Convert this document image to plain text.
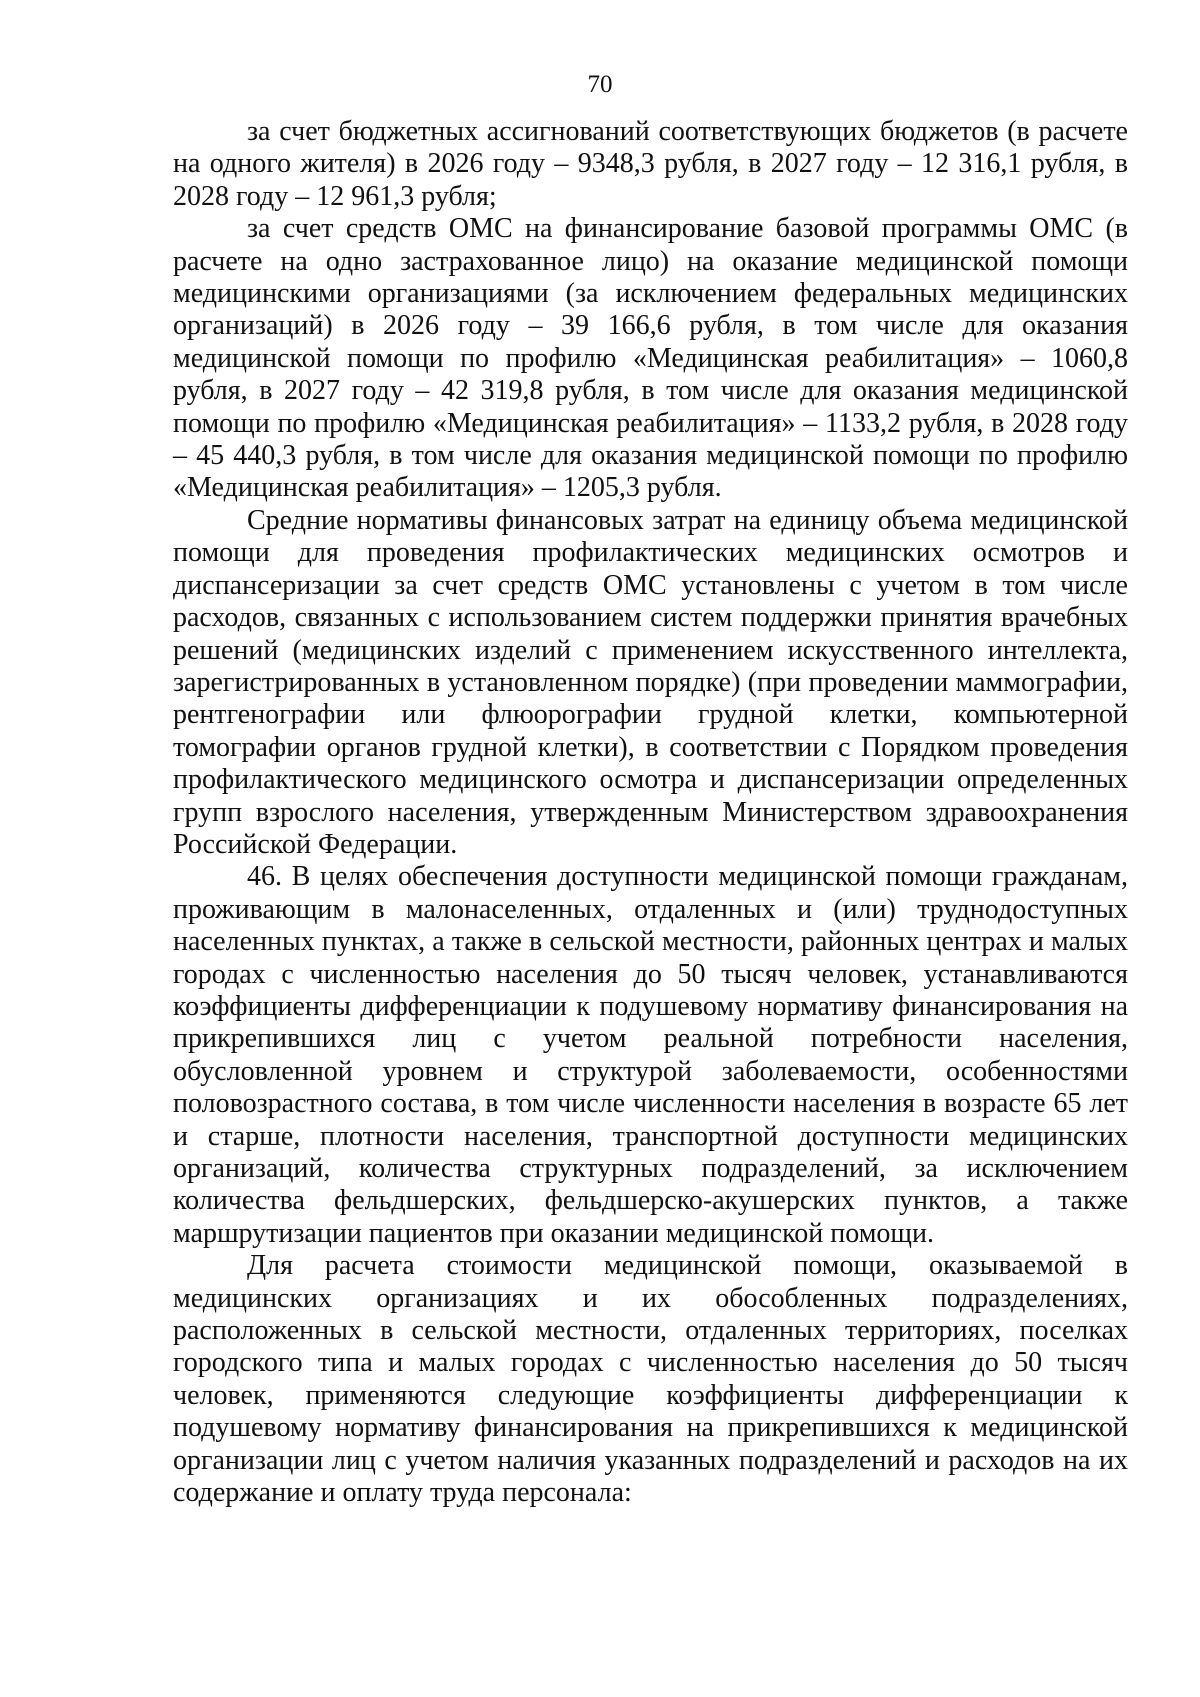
70

за счет бюджетных ассигнований соответствующих бюджетов (в расчете на одного жителя) в 2026 году – 9348,3 рубля, в 2027 году – 12 316,1 рубля, в 2028 году – 12 961,3 рубля;

за счет средств ОМС на финансирование базовой программы ОМС (в расчете на одно застрахованное лицо) на оказание медицинской помощи медицинскими организациями (за исключением федеральных медицинских организаций) в 2026 году – 39 166,6 рубля, в том числе для оказания медицинской помощи по профилю «Медицинская реабилитация» – 1060,8 рубля, в 2027 году – 42 319,8 рубля, в том числе для оказания медицинской помощи по профилю «Медицинская реабилитация» – 1133,2 рубля, в 2028 году – 45 440,3 рубля, в том числе для оказания медицинской помощи по профилю «Медицинская реабилитация» – 1205,3 рубля.

Средние нормативы финансовых затрат на единицу объема медицинской помощи для проведения профилактических медицинских осмотров и диспансеризации за счет средств ОМС установлены с учетом в том числе расходов, связанных с использованием систем поддержки принятия врачебных решений (медицинских изделий с применением искусственного интеллекта, зарегистрированных в установленном порядке) (при проведении маммографии, рентгенографии или флюорографии грудной клетки, компьютерной томографии органов грудной клетки), в соответствии с Порядком проведения профилактического медицинского осмотра и диспансеризации определенных групп взрослого населения, утвержденным Министерством здравоохранения Российской Федерации.

46. В целях обеспечения доступности медицинской помощи гражданам, проживающим в малонаселенных, отдаленных и (или) труднодоступных населенных пунктах, а также в сельской местности, районных центрах и малых городах с численностью населения до 50 тысяч человек, устанавливаются коэффициенты дифференциации к подушевому нормативу финансирования на прикрепившихся лиц с учетом реальной потребности населения, обусловленной уровнем и структурой заболеваемости, особенностями половозрастного состава, в том числе численности населения в возрасте 65 лет и старше, плотности населения, транспортной доступности медицинских организаций, количества структурных подразделений, за исключением количества фельдшерских, фельдшерско-акушерских пунктов, а также маршрутизации пациентов при оказании медицинской помощи.

Для расчета стоимости медицинской помощи, оказываемой в медицинских организациях и их обособленных подразделениях, расположенных в сельской местности, отдаленных территориях, поселках городского типа и малых городах с численностью населения до 50 тысяч человек, применяются следующие коэффициенты дифференциации к подушевому нормативу финансирования на прикрепившихся к медицинской организации лиц с учетом наличия указанных подразделений и расходов на их содержание и оплату труда персонала:
